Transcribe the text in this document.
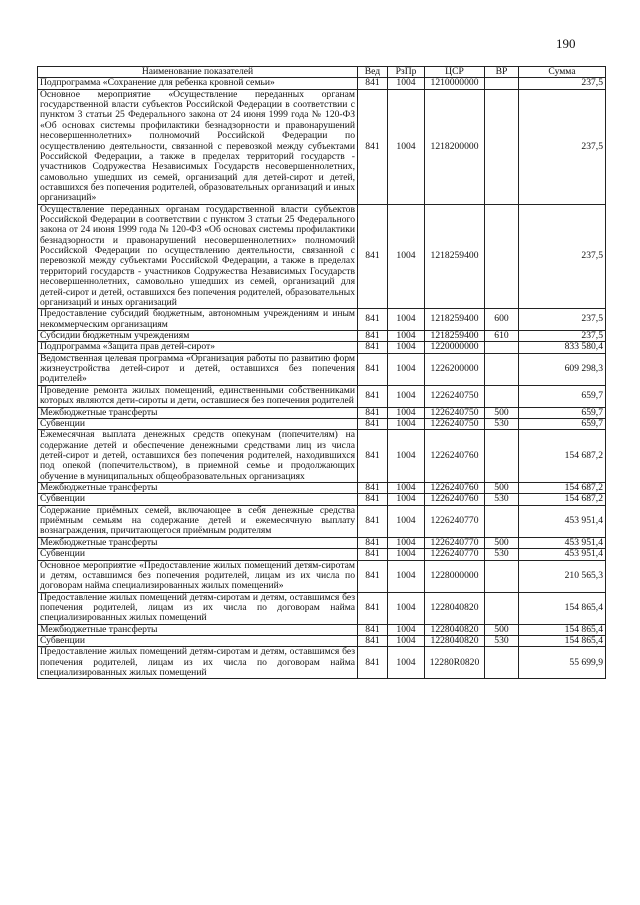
190
Наименование показателей	Вед	РзПр	ЦСР	ВР	Сумма
Подпрограмма «Сохранение для ребенка кровной семьи»	841	1004	1210000000		237,5
Основное мероприятие «Осуществление переданных органам государственной власти субъектов Российской Федерации в соответствии с пунктом 3 статьи 25 Федерального закона от 24 июня 1999 года № 120-ФЗ «Об основах системы профилактики безнадзорности и правонарушений несовершеннолетних» полномочий Российской Федерации по осуществлению деятельности, связанной с перевозкой между субъектами Российской Федерации, а также в пределах территорий государств - участников Содружества Независимых Государств несовершеннолетних, самовольно ушедших из семей, организаций для детей-сирот и детей, оставшихся без попечения родителей, образовательных организаций и иных организаций»	841	1004	1218200000		237,5
Осуществление переданных органам государственной власти субъектов Российской Федерации в соответствии с пунктом 3 статьи 25 Федерального закона от 24 июня 1999 года № 120-ФЗ «Об основах системы профилактики безнадзорности и правонарушений несовершеннолетних» полномочий Российской Федерации по осуществлению деятельности, связанной с перевозкой между субъектами Российской Федерации, а также в пределах территорий государств - участников Содружества Независимых Государств несовершеннолетних, самовольно ушедших из семей, организаций для детей-сирот и детей, оставшихся без попечения родителей, образовательных организаций и иных организаций	841	1004	1218259400		237,5
Предоставление субсидий бюджетным, автономным учреждениям и иным некоммерческим организациям	841	1004	1218259400	600	237,5
Субсидии бюджетным учреждениям	841	1004	1218259400	610	237,5
Подпрограмма «Защита прав детей-сирот»	841	1004	1220000000		833 580,4
Ведомственная целевая программа «Организация работы по развитию форм жизнеустройства детей-сирот и детей, оставшихся без попечения родителей»	841	1004	1226200000		609 298,3
Проведение ремонта жилых помещений, единственными собственниками которых являются дети-сироты и дети, оставшиеся без попечения родителей	841	1004	1226240750		659,7
Межбюджетные трансферты	841	1004	1226240750	500	659,7
Субвенции	841	1004	1226240750	530	659,7
Ежемесячная выплата денежных средств опекунам (попечителям) на содержание детей и обеспечение денежными средствами лиц из числа детей-сирот и детей, оставшихся без попечения родителей, находившихся под опекой (попечительством), в приемной семье и продолжающих обучение в муниципальных общеобразовательных организациях	841	1004	1226240760		154 687,2
Межбюджетные трансферты	841	1004	1226240760	500	154 687,2
Субвенции	841	1004	1226240760	530	154 687,2
Содержание приёмных семей, включающее в себя денежные средства приёмным семьям на содержание детей и ежемесячную выплату вознаграждения, причитающегося приёмным родителям	841	1004	1226240770		453 951,4
Межбюджетные трансферты	841	1004	1226240770	500	453 951,4
Субвенции	841	1004	1226240770	530	453 951,4
Основное мероприятие «Предоставление жилых помещений детям-сиротам и детям, оставшимся без попечения родителей, лицам из их числа по договорам найма специализированных жилых помещений»	841	1004	1228000000		210 565,3
Предоставление жилых помещений детям-сиротам и детям, оставшимся без попечения родителей, лицам из их числа по договорам найма специализированных жилых помещений	841	1004	1228040820		154 865,4
Межбюджетные трансферты	841	1004	1228040820	500	154 865,4
Субвенции	841	1004	1228040820	530	154 865,4
Предоставление жилых помещений детям-сиротам и детям, оставшимся без попечения родителей, лицам из их числа по договорам найма специализированных жилых помещений	841	1004	12280R0820		55 699,9
